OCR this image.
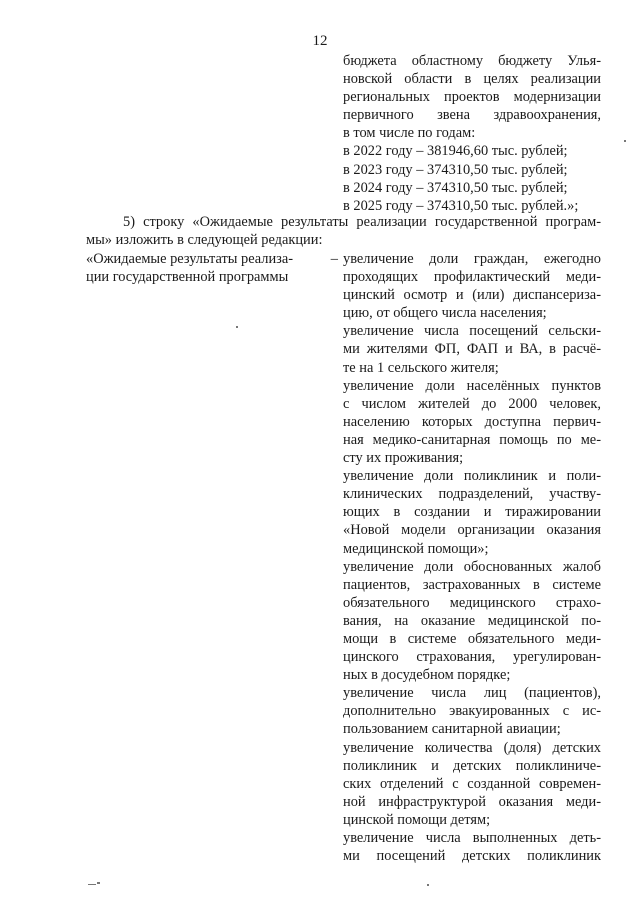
12
бюджета областному бюджету Улья-
новской области в целях реализации
региональных проектов модернизации
первичного звена здравоохранения,
в том числе по годам:
в 2022 году – 381946,60 тыс. рублей;
в 2023 году – 374310,50 тыс. рублей;
в 2024 году – 374310,50 тыс. рублей;
в 2025 году – 374310,50 тыс. рублей.»;
5) строку «Ожидаемые результаты реализации государственной програм-
мы» изложить в следующей редакции:
«Ожидаемые результаты реализа-	–
ции государственной программы
увеличение доли граждан, ежегодно
проходящих профилактический меди-
цинский осмотр и (или) диспансериза-
цию, от общего числа населения;
увеличение числа посещений сельски-
ми жителями ФП, ФАП и ВА, в расчё-
те на 1 сельского жителя;
увеличение доли населённых пунктов
с числом жителей до 2000 человек,
населению которых доступна первич-
ная медико-санитарная помощь по ме-
сту их проживания;
увеличение доли поликлиник и поли-
клинических подразделений, участву-
ющих в создании и тиражировании
«Новой модели организации оказания
медицинской помощи»;
увеличение доли обоснованных жалоб
пациентов, застрахованных в системе
обязательного медицинского страхо-
вания, на оказание медицинской по-
мощи в системе обязательного меди-
цинского страхования, урегулирован-
ных в досудебном порядке;
увеличение числа лиц (пациентов),
дополнительно эвакуированных с ис-
пользованием санитарной авиации;
увеличение количества (доля) детских
поликлиник и детских поликлиниче-
ских отделений с созданной современ-
ной инфраструктурой оказания меди-
цинской помощи детям;
увеличение числа выполненных деть-
ми посещений детских поликлиник
